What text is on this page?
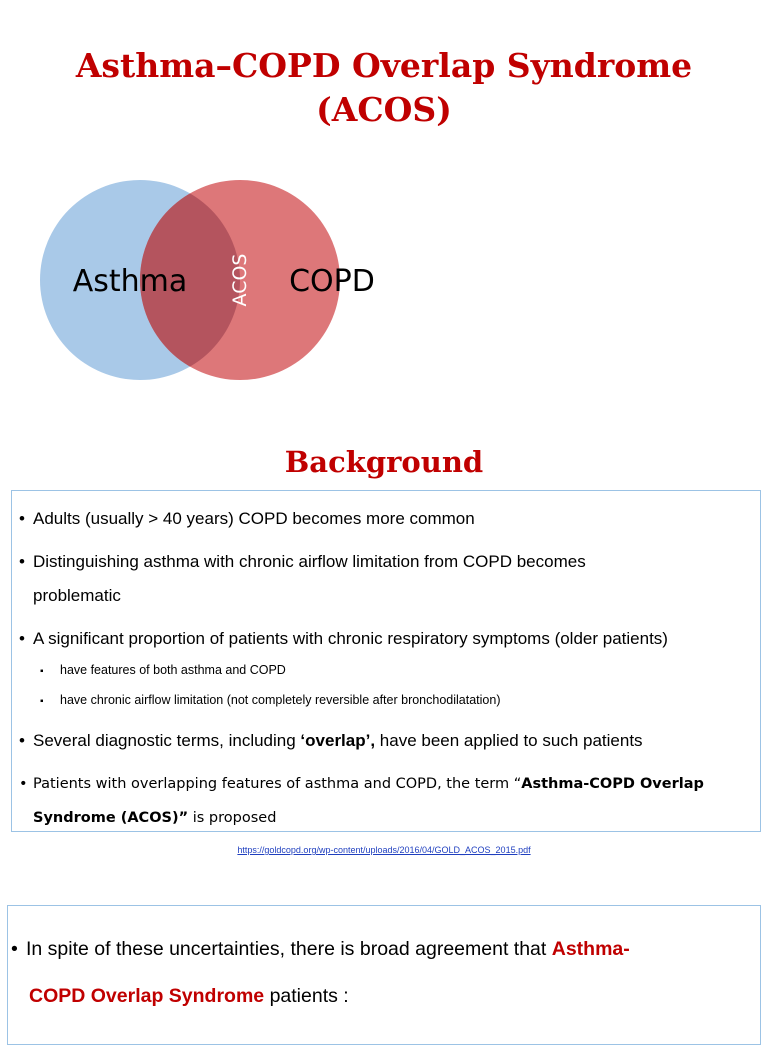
Asthma–COPD Overlap Syndrome
(ACOS)
Asthma	COPD
ACOS
Background
• Adults (usually > 40 years) COPD becomes more common
• Distinguishing asthma with chronic airflow limitation from COPD becomes
problematic
• A significant proportion of patients with chronic respiratory symptoms (older patients)
▪ have features of both asthma and COPD
▪ have chronic airflow limitation (not completely reversible after bronchodilatation)
• Several diagnostic terms, including ‘overlap’, have been applied to such patients
• Patients with overlapping features of asthma and COPD, the term “Asthma-COPD Overlap
Syndrome (ACOS)” is proposed
https://goldcopd.org/wp-content/uploads/2016/04/GOLD_ACOS_2015.pdf
• In spite of these uncertainties, there is broad agreement that Asthma-
COPD Overlap Syndrome patients :
